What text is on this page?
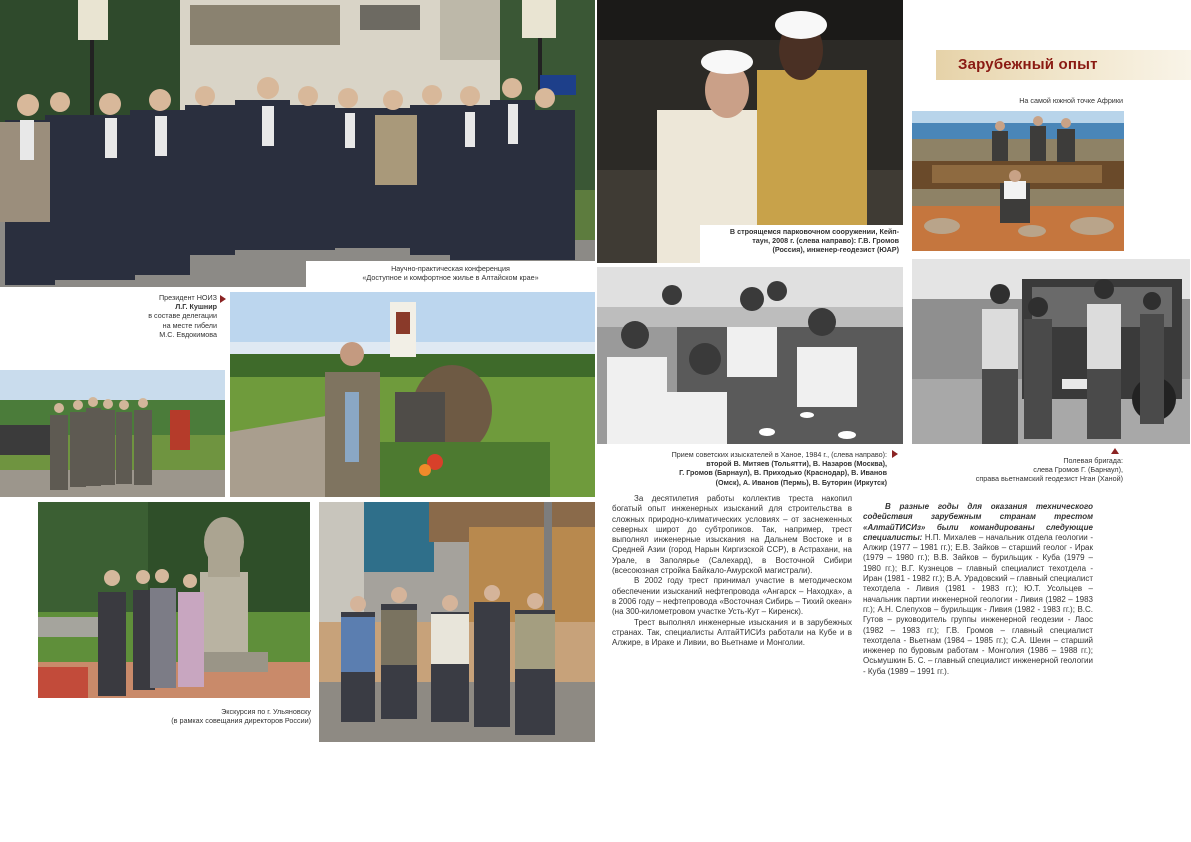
Научно-практическая конференция
«Доступное и комфортное жилье в Алтайском крае»
Президент НОИЗ
Л.Г. Кушнир
в составе делегации
на месте гибели
М.С. Евдокимова
Экскурсия по г. Ульяновску
(в рамках совещания директоров России)
В строящемся парковочном сооружении, Кейп-
таун, 2008 г. (слева направо): Г.В. Громов
(Россия), инженер-геодезист (ЮАР)
Зарубежный опыт
На самой южной точке Африки
Прием советских изыскателей в Ханое, 1984 г., (слева направо):
второй В. Митяев (Тольятти), В. Назаров (Москва),
Г. Громов (Барнаул), В. Приходько (Краснодар), В. Иванов
(Омск), А. Иванов (Пермь), В. Буторин (Иркутск)
Полевая бригада:
слева Громов Г. (Барнаул),
справа вьетнамский геодезист Нган (Ханой)

За десятилетия работы коллектив треста накопил богатый опыт инженерных изысканий для строительства в сложных природно-климатических условиях – от заснеженных северных широт до субтропиков. Так, например, трест выполнял инженерные изыскания на Дальнем Востоке и в Средней Азии (город Нарын Киргизской ССР), в Астрахани, на Урале, в Заполярье (Салехард), в Восточной Сибири (всесоюзная стройка Байкало-Амурской магистрали).

В 2002 году трест принимал участие в методическом обеспечении изысканий нефтепровода «Ангарск – Находка», а в 2006 году – нефтепровода «Восточная Сибирь – Тихий океан» (на 300-километровом участке Усть-Кут – Киренск).

Трест выполнял инженерные изыскания и в зарубежных странах. Так, специалисты АлтайТИСИз работали на Кубе и в Алжире, в Ираке и Ливии, во Вьетнаме и Монголии.

В разные годы для оказания технического содействия зарубежным странам трестом «АлтайТИСИз» были командированы следующие специалисты: Н.П. Михалев – начальник отдела геологии - Алжир (1977 – 1981 гг.); Е.В. Зайков – старший геолог - Ирак (1979 – 1980 гг.); В.В. Зайков – бурильщик - Куба (1979 – 1980 гг.); В.Г. Кузнецов – главный специалист техотдела - Иран (1981 - 1982 гг.); В.А. Урадовский – главный специалист техотдела - Ливия (1981 - 1983 гг.); Ю.Т. Усольцев – начальник партии инженерной геологии - Ливия (1982 – 1983 гг.); А.Н. Слепухов – бурильщик - Ливия (1982 - 1983 гг.); В.С. Гутов – руководитель группы инженерной геодезии - Лаос (1982 – 1983 гг.); Г.В. Громов – главный специалист техотдела - Вьетнам (1984 – 1985 гг.); С.А. Шеин – старший инженер по буровым работам - Монголия (1986 – 1988 гг.); Осьмушкин Б. С. – главный специалист инженерной геологии - Куба (1989 – 1991 гг.).
